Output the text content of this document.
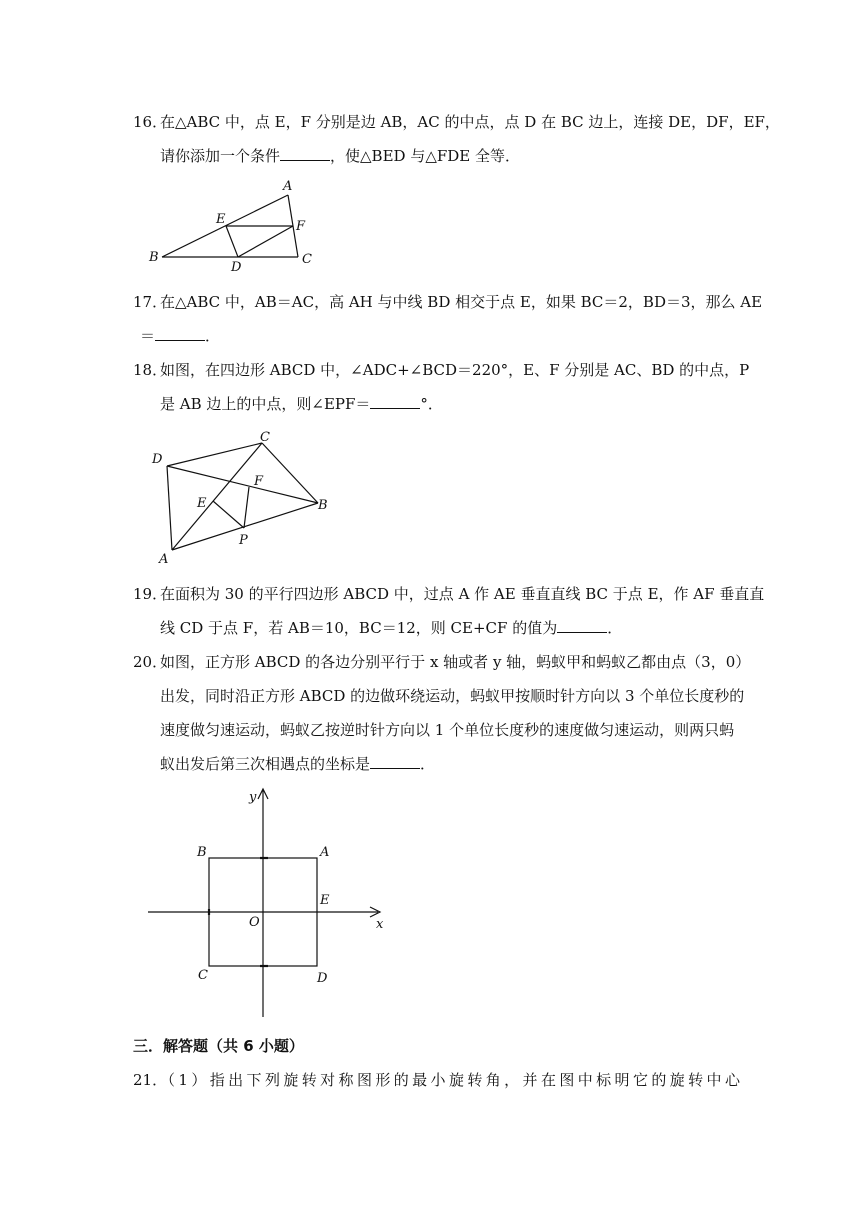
16．
在△ABC 中，点 E，F 分别是边 AB，AC 的中点，点 D 在 BC 边上，连接 DE，DF，EF，
请你添加一个条件	，使△BED 与△FDE 全等．
A
B	C
D
E	F
17．
在△ABC 中，AB＝AC，高 AH 与中线 BD 相交于点 E，如果 BC＝2，BD＝3，那么 AE
＝	．
18．
如图，在四边形 ABCD 中，∠ADC+∠BCD＝220°，E、F 分别是 AC、BD 的中点，P
是 AB 边上的中点，则∠EPF＝	°．
D
C
B
A
E
F
P
19．
在面积为 30 的平行四边形 ABCD 中，过点 A 作 AE 垂直直线 BC 于点 E，作 AF 垂直直
线 CD 于点 F，若 AB＝10，BC＝12，则 CE+CF 的值为	．
20．
如图，正方形 ABCD 的各边分别平行于 x 轴或者 y 轴，蚂蚁甲和蚂蚁乙都由点（3，0）
出发，同时沿正方形 ABCD 的边做环绕运动，蚂蚁甲按顺时针方向以 3 个单位长度秒的
速度做匀速运动，蚂蚁乙按逆时针方向以 1 个单位长度秒的速度做匀速运动，则两只蚂
蚁出发后第三次相遇点的坐标是	．
y
x
B	A
E
O
C	D
三．解答题（共 6 小题）
21．
（1）指出下列旋转对称图形的最小旋转角，并在图中标明它的旋转中心
